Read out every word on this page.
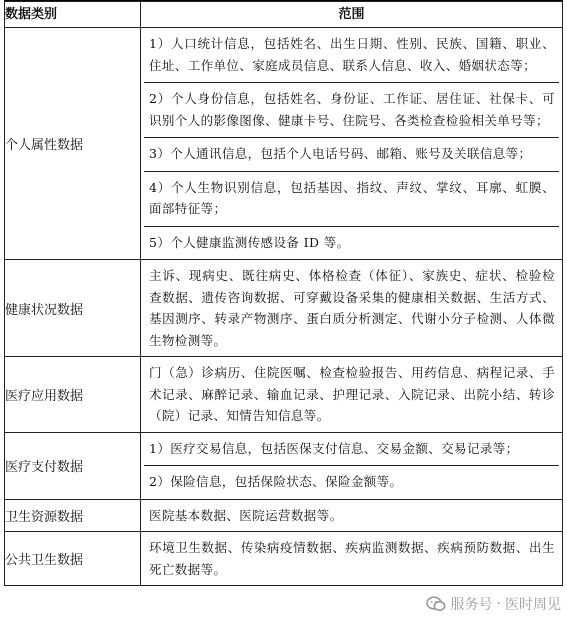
数据类别	范围
个人属性数据	1）人口统计信息，包括姓名、出生日期、性别、民族、国籍、职业、住址、工作单位、家庭成员信息、联系人信息、收入、婚姻状态等；
2）个人身份信息，包括姓名、身份证、工作证、居住证、社保卡、可识别个人的影像图像、健康卡号、住院号、各类检查检验相关单号等；
3）个人通讯信息，包括个人电话号码、邮箱、账号及关联信息等；
4）个人生物识别信息，包括基因、指纹、声纹、掌纹、耳廓、虹膜、面部特征等；
5）个人健康监测传感设备 ID 等。

健康状况数据	主诉、现病史、既往病史、体格检查（体征）、家族史、症状、检验检查数据、遗传咨询数据、可穿戴设备采集的健康相关数据、生活方式、基因测序、转录产物测序、蛋白质分析测定、代谢小分子检测、人体微生物检测等。

医疗应用数据	门（急）诊病历、住院医嘱、检查检验报告、用药信息、病程记录、手术记录、麻醉记录、输血记录、护理记录、入院记录、出院小结、转诊（院）记录、知情告知信息等。

医疗支付数据	1）医疗交易信息，包括医保支付信息、交易金额、交易记录等；
2）保险信息，包括保险状态、保险金额等。

卫生资源数据	医院基本数据、医院运营数据等。

公共卫生数据	环境卫生数据、传染病疫情数据、疾病监测数据、疾病预防数据、出生死亡数据等。
服务号 · 医时周见
